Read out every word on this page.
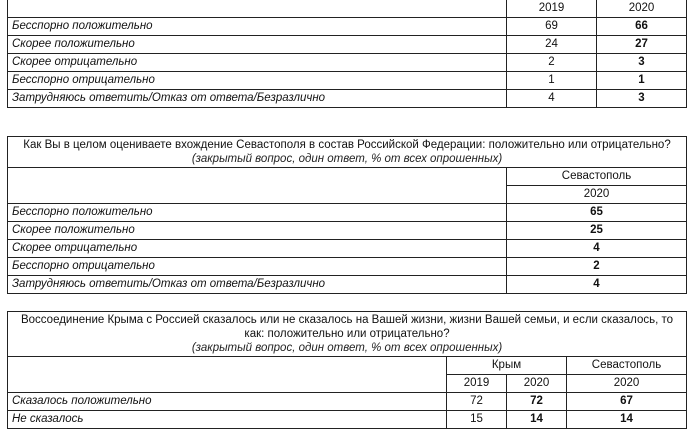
	2019	2020
Бесспорно положительно	69	66
Скорее положительно	24	27
Скорее отрицательно	2	3
Бесспорно отрицательно	1	1
Затрудняюсь ответить/Отказ от ответа/Безразлично	4	3
Как Вы в целом оцениваете вхождение Севастополя в состав Российской Федерации: положительно или отрицательно?
(закрытый вопрос, один ответ, % от всех опрошенных)	

	Севастополь
	2020
Бесспорно положительно	65
Скорее положительно	25
Скорее отрицательно	4
Бесспорно отрицательно	2
Затрудняюсь ответить/Отказ от ответа/Безразлично	4
Воссоединение Крыма с Россией сказалось или не сказалось на Вашей жизни, жизни Вашей семьи, и если сказалось, то как: положительно или отрицательно?
(закрытый вопрос, один ответ, % от всех опрошенных)			

	Крым		Севастополь
	2019	2020	2020
Сказалось положительно	72	72	67
Не сказалось	15	14	14
